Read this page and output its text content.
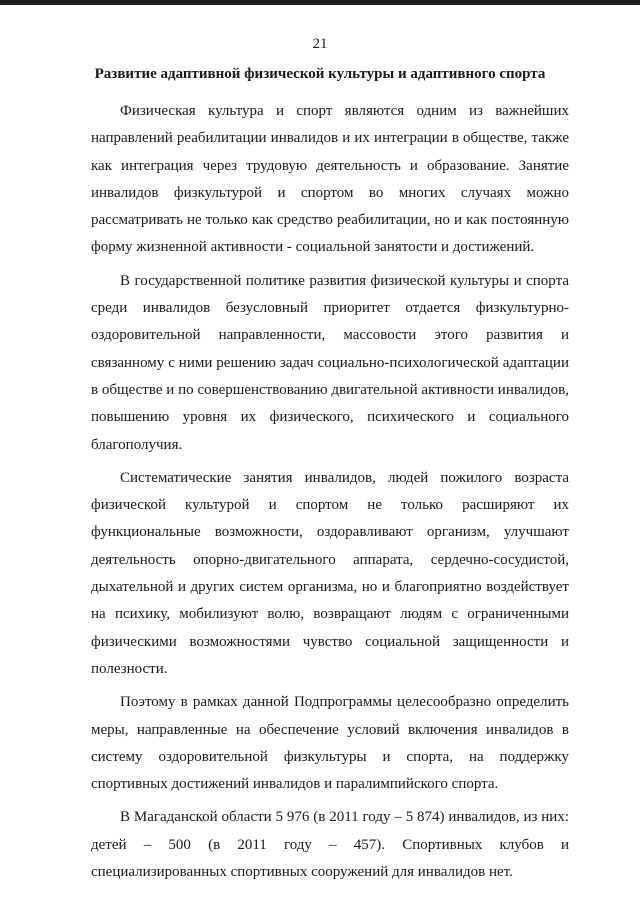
21
Развитие адаптивной физической культуры и адаптивного спорта

Физическая культура и спорт являются одним из важнейших направлений реабилитации инвалидов и их интеграции в обществе, также как интеграция через трудовую деятельность и образование. Занятие инвалидов физкультурой и спортом во многих случаях можно рассматривать не только как средство реабилитации, но и как постоянную форму жизненной активности - социальной занятости и достижений.

В государственной политике развития физической культуры и спорта среди инвалидов безусловный приоритет отдается физкультурно-оздоровительной направленности, массовости этого развития и связанному с ними решению задач социально-психологической адаптации в обществе и по совершенствованию двигательной активности инвалидов, повышению уровня их физического, психического и социального благополучия.

Систематические занятия инвалидов, людей пожилого возраста физической культурой и спортом не только расширяют их функциональные возможности, оздоравливают организм, улучшают деятельность опорно-двигательного аппарата, сердечно-сосудистой, дыхательной и других систем организма, но и благоприятно воздействует на психику, мобилизуют волю, возвращают людям с ограниченными физическими возможностями чувство социальной защищенности и полезности.

Поэтому в рамках данной Подпрограммы целесообразно определить меры, направленные на обеспечение условий включения инвалидов в систему оздоровительной физкультуры и спорта, на поддержку спортивных достижений инвалидов и паралимпийского спорта.

В Магаданской области 5 976 (в 2011 году – 5 874) инвалидов, из них: детей – 500 (в 2011 году – 457). Спортивных клубов и специализированных спортивных сооружений для инвалидов нет.
